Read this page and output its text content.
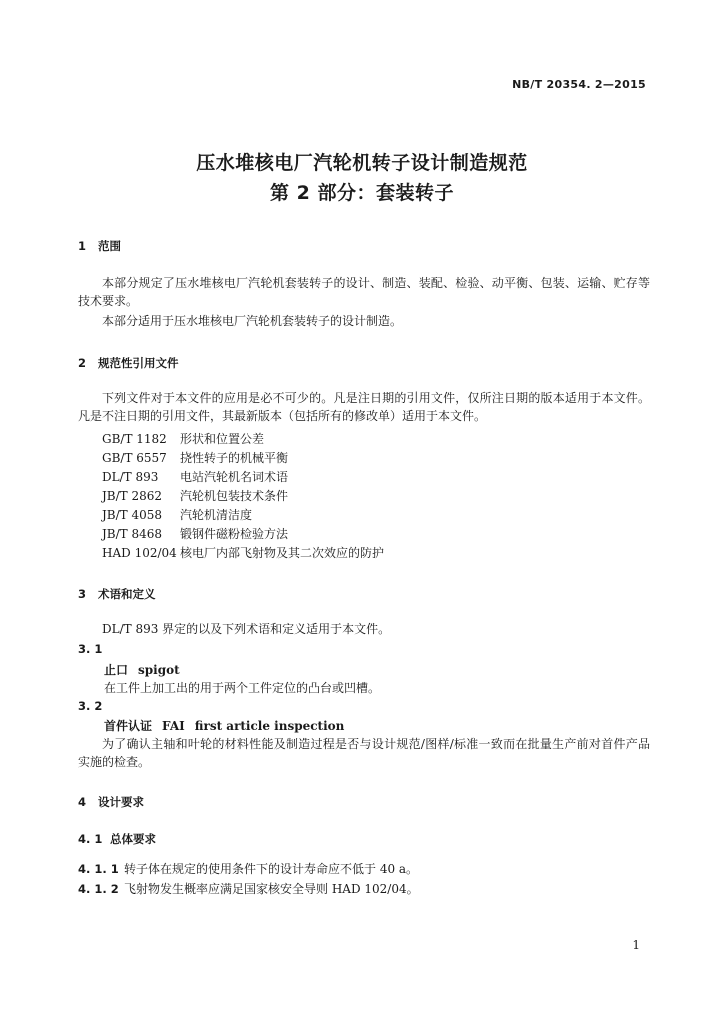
NB/T 20354. 2—2015
压水堆核电厂汽轮机转子设计制造规范
第 2 部分：套装转子
1 范围
本部分规定了压水堆核电厂汽轮机套装转子的设计、制造、装配、检验、动平衡、包装、运输、贮存等技术要求。
本部分适用于压水堆核电厂汽轮机套装转子的设计制造。
2 规范性引用文件
下列文件对于本文件的应用是必不可少的。凡是注日期的引用文件，仅所注日期的版本适用于本文件。凡是不注日期的引用文件，其最新版本（包括所有的修改单）适用于本文件。
GB/T 1182 形状和位置公差
GB/T 6557 挠性转子的机械平衡
DL/T 893 电站汽轮机名词术语
JB/T 2862 汽轮机包装技术条件
JB/T 4058 汽轮机清洁度
JB/T 8468 锻钢件磁粉检验方法
HAD 102/04 核电厂内部飞射物及其二次效应的防护
3 术语和定义
DL/T 893 界定的以及下列术语和定义适用于本文件。
3. 1
止口 spigot
在工件上加工出的用于两个工件定位的凸台或凹槽。
3. 2
首件认证 FAI first article inspection
为了确认主轴和叶轮的材料性能及制造过程是否与设计规范/图样/标准一致而在批量生产前对首件产品实施的检查。
4 设计要求
4. 1 总体要求
4. 1. 1 转子体在规定的使用条件下的设计寿命应不低于 40 a。
4. 1. 2 飞射物发生概率应满足国家核安全导则 HAD 102/04。
1
